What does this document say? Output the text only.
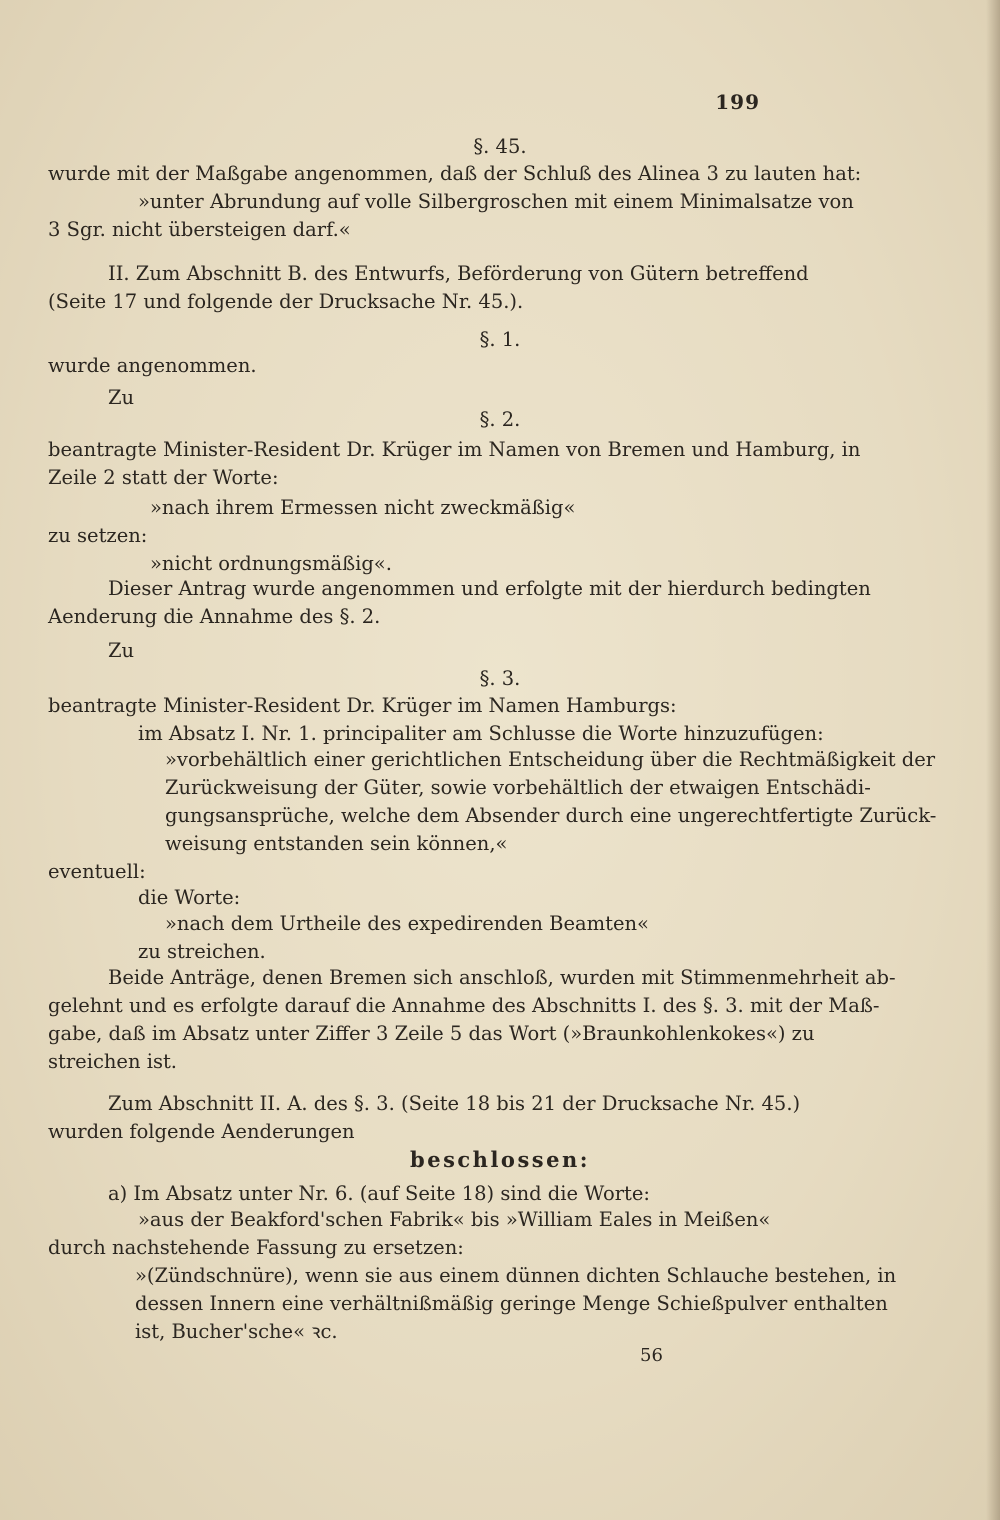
199
§. 45.
wurde mit der Maßgabe angenommen, daß der Schluß des Alinea 3 zu lauten hat:
»unter Abrundung auf volle Silbergroschen mit einem Minimalsatze von
3 Sgr. nicht übersteigen darf.«
II. Zum Abschnitt B. des Entwurfs, Beförderung von Gütern betreffend
(Seite 17 und folgende der Drucksache Nr. 45.).
§. 1.
wurde angenommen.
Zu
§. 2.
beantragte Minister-Resident Dr. Krüger im Namen von Bremen und Hamburg, in
Zeile 2 statt der Worte:
»nach ihrem Ermessen nicht zweckmäßig«
zu setzen:
»nicht ordnungsmäßig«.
Dieser Antrag wurde angenommen und erfolgte mit der hierdurch bedingten
Aenderung die Annahme des §. 2.
Zu
§. 3.
beantragte Minister-Resident Dr. Krüger im Namen Hamburgs:
im Absatz I. Nr. 1. principaliter am Schlusse die Worte hinzuzufügen:
»vorbehältlich einer gerichtlichen Entscheidung über die Rechtmäßigkeit der
Zurückweisung der Güter, sowie vorbehältlich der etwaigen Entschädi-
gungsansprüche, welche dem Absender durch eine ungerechtfertigte Zurück-
weisung entstanden sein können,«
eventuell:
die Worte:
»nach dem Urtheile des expedirenden Beamten«
zu streichen.
Beide Anträge, denen Bremen sich anschloß, wurden mit Stimmenmehrheit ab-
gelehnt und es erfolgte darauf die Annahme des Abschnitts I. des §. 3. mit der Maß-
gabe, daß im Absatz unter Ziffer 3 Zeile 5 das Wort (»Braunkohlenkokes«) zu
streichen ist.
Zum Abschnitt II. A. des §. 3. (Seite 18 bis 21 der Drucksache Nr. 45.)
wurden folgende Aenderungen
beschlossen:
a) Im Absatz unter Nr. 6. (auf Seite 18) sind die Worte:
»aus der Beakford'schen Fabrik« bis »William Eales in Meißen«
durch nachstehende Fassung zu ersetzen:
»(Zündschnüre), wenn sie aus einem dünnen dichten Schlauche bestehen, in
dessen Innern eine verhältnißmäßig geringe Menge Schießpulver enthalten
ist, Bucher'sche« ꝛc.
56
